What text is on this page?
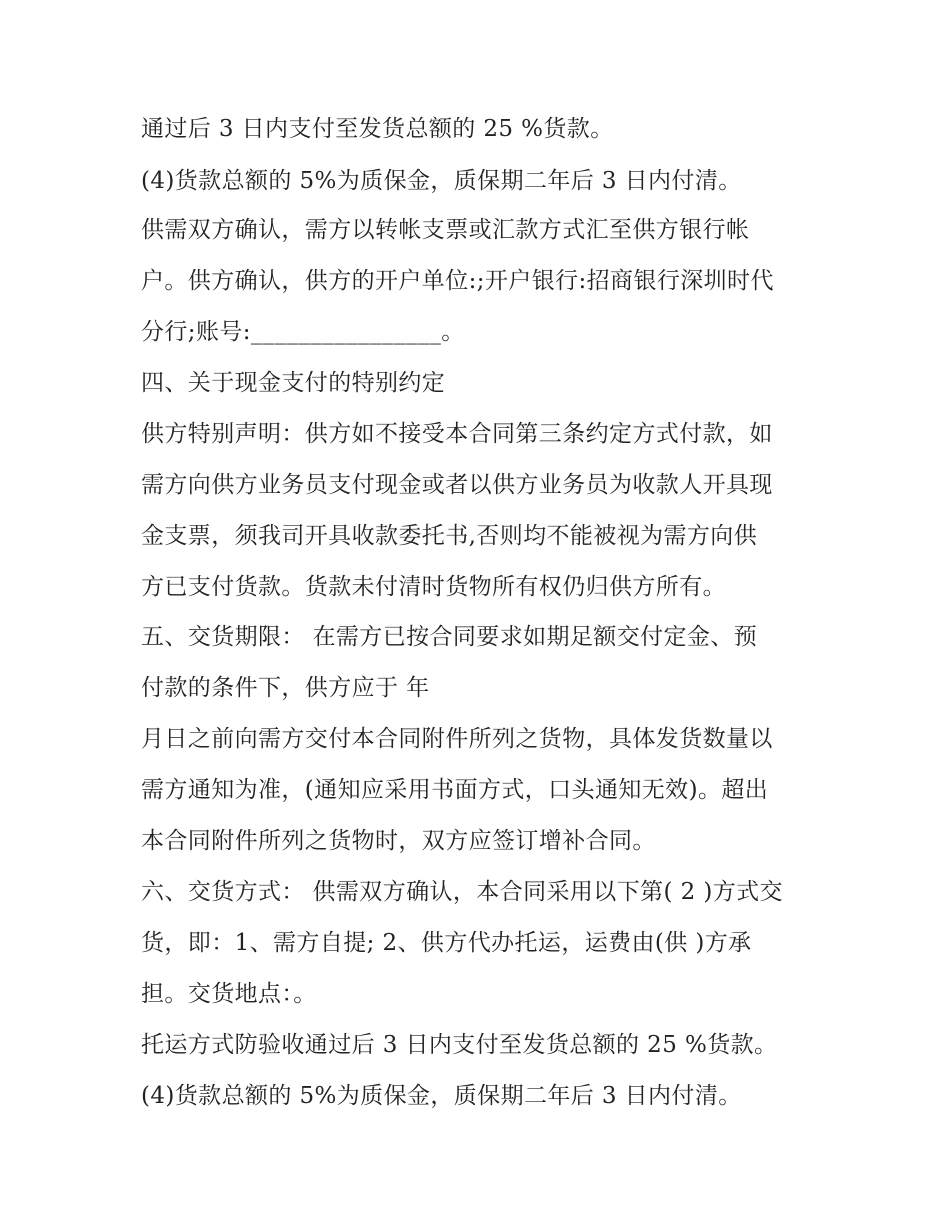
通过后 3 日内支付至发货总额的 25 %货款。
(4)货款总额的 5%为质保金，质保期二年后 3 日内付清。
供需双方确认，需方以转帐支票或汇款方式汇至供方银行帐
户。供方确认，供方的开户单位:;开户银行:招商银行深圳时代
分行;账号:________________。
四、关于现金支付的特别约定
供方特别声明：供方如不接受本合同第三条约定方式付款，如
需方向供方业务员支付现金或者以供方业务员为收款人开具现
金支票，须我司开具收款委托书,否则均不能被视为需方向供
方已支付货款。货款未付清时货物所有权仍归供方所有。
五、交货期限： 在需方已按合同要求如期足额交付定金、预
付款的条件下，供方应于 年
月日之前向需方交付本合同附件所列之货物，具体发货数量以
需方通知为准，(通知应采用书面方式，口头通知无效)。超出
本合同附件所列之货物时，双方应签订增补合同。
六、交货方式： 供需双方确认，本合同采用以下第( 2 )方式交
货，即：1、需方自提; 2、供方代办托运，运费由(供 )方承
担。交货地点：。
托运方式防验收通过后 3 日内支付至发货总额的 25 %货款。
(4)货款总额的 5%为质保金，质保期二年后 3 日内付清。
